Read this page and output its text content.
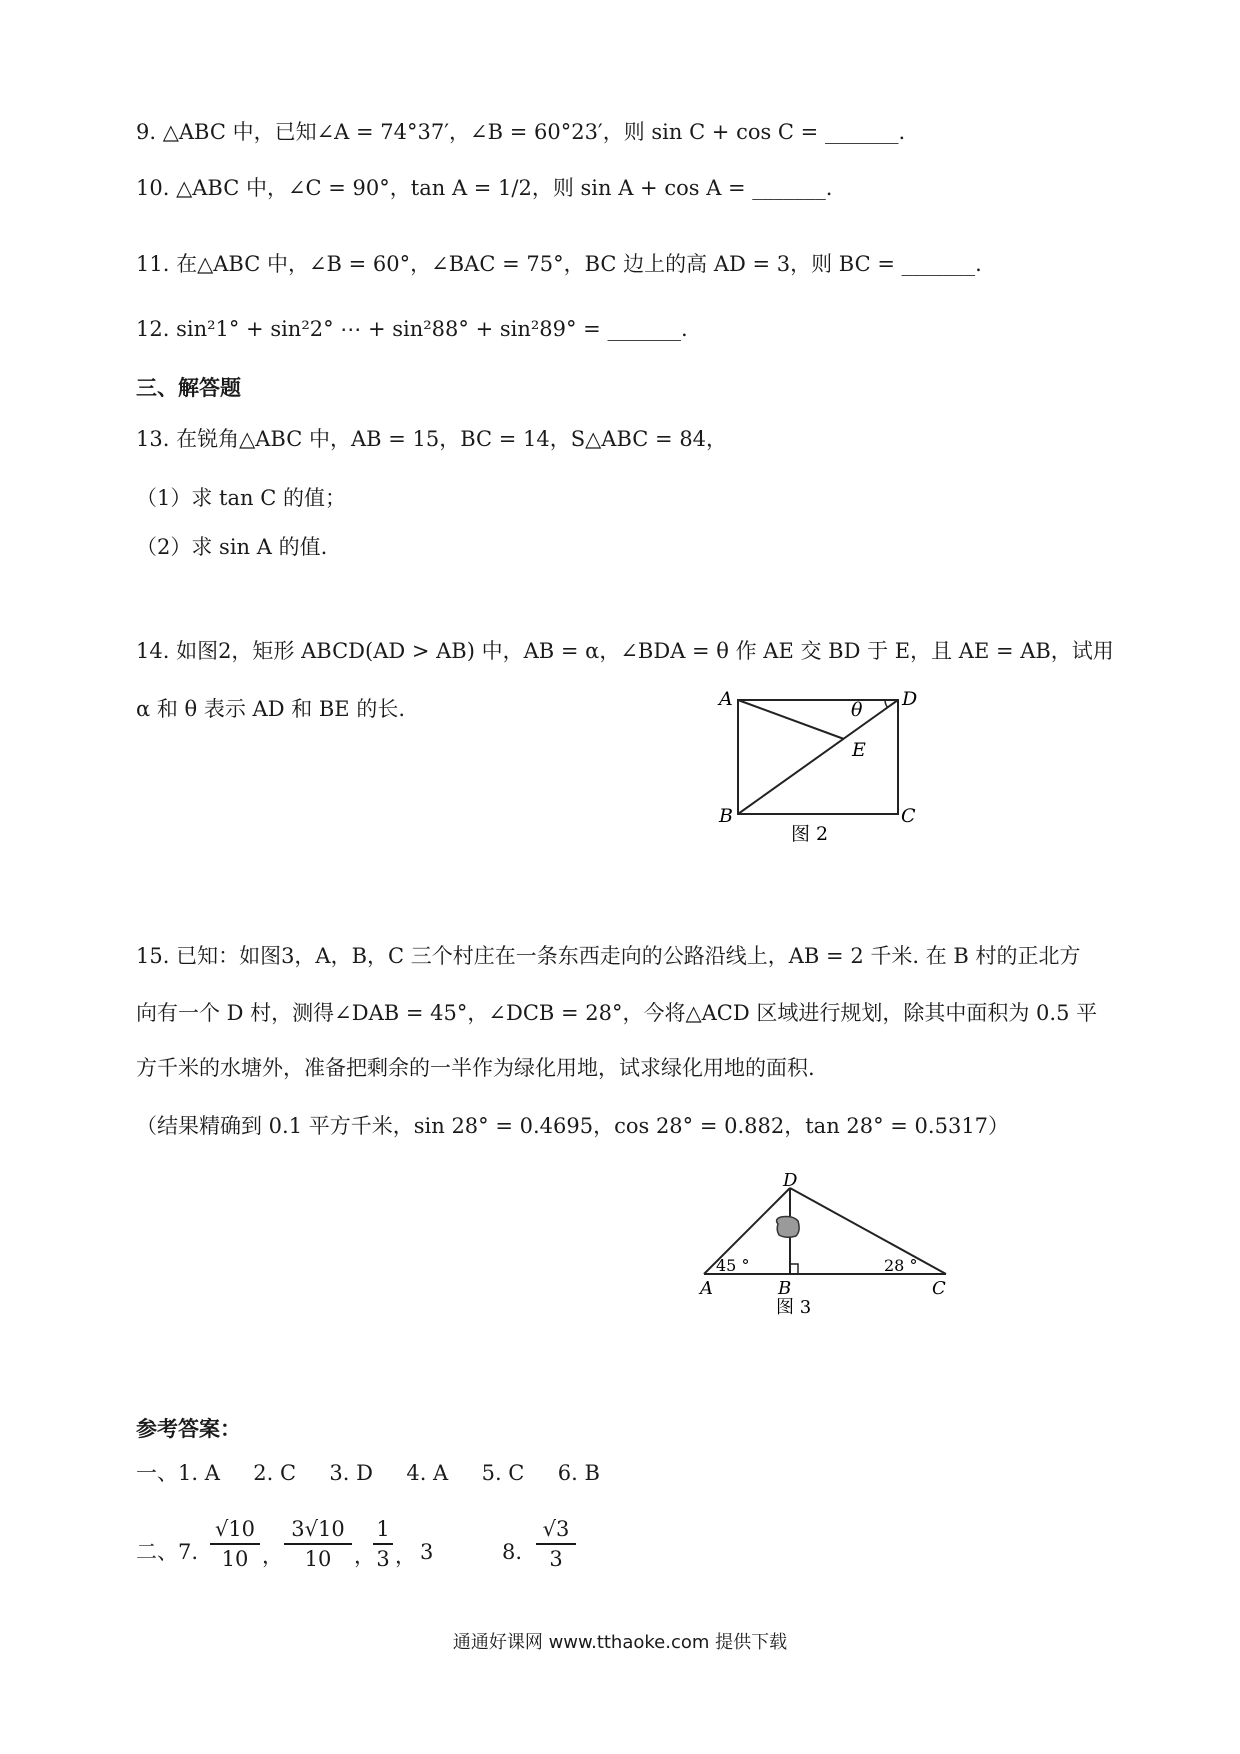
9. △ABC 中，已知∠A = 74°37′，∠B = 60°23′，则 sin C + cos C = _______.
10. △ABC 中，∠C = 90°，tan A = 1/2，则 sin A + cos A = _______.
11. 在△ABC 中，∠B = 60°，∠BAC = 75°，BC 边上的高 AD = 3，则 BC = _______.
12. sin²1° + sin²2° ⋯ + sin²88° + sin²89° = _______.
三、解答题
13. 在锐角△ABC 中，AB = 15，BC = 14，S△ABC = 84，
（1）求 tan C 的值；
（2）求 sin A 的值.
14. 如图2，矩形 ABCD(AD > AB) 中，AB = α，∠BDA = θ 作 AE 交 BD 于 E，且 AE = AB，试用
α 和 θ 表示 AD 和 BE 的长.	A
B	C
D
E
θ
图 2
15. 已知：如图3，A，B，C 三个村庄在一条东西走向的公路沿线上，AB = 2 千米. 在 B 村的正北方
向有一个 D 村，测得∠DAB = 45°，∠DCB = 28°，今将△ACD 区域进行规划，除其中面积为 0.5 平
方千米的水塘外，准备把剩余的一半作为绿化用地，试求绿化用地的面积.
（结果精确到 0.1 平方千米，sin 28° = 0.4695，cos 28° = 0.882，tan 28° = 0.5317）
45 °	28 °
A	B	C
D
图 3
参考答案：
一、1. A     2. C     3. D     4. A     5. C     6. B
二、7. $\frac{√10}{10}$ ， $\frac{3√10}{10}$ ，
$\frac{1}{3}$ ， 3	8. $\frac{√3}{3}$
通通好课网 www.tthaoke.com 提供下载
